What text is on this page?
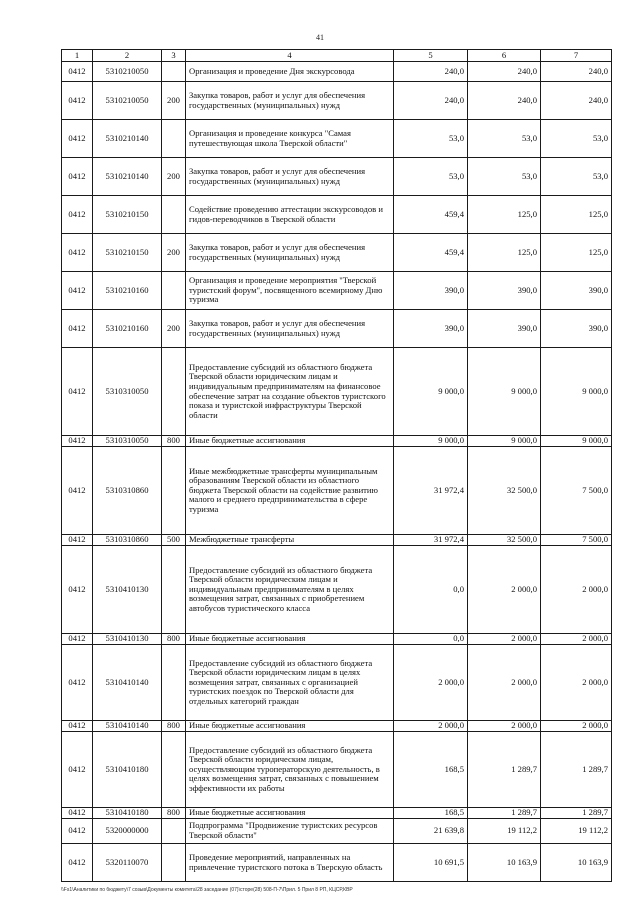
41
1	2	3	4	5	6	7
0412	5310210050		Организация и проведение Дня экскурсовода	240,0	240,0	240,0
0412	5310210050	200	Закупка товаров, работ и услуг для обеспечения государственных (муниципальных) нужд	240,0	240,0	240,0
0412	5310210140		Организация и проведение конкурса "Самая путешествующая школа Тверской области"	53,0	53,0	53,0
0412	5310210140	200	Закупка товаров, работ и услуг для обеспечения государственных (муниципальных) нужд	53,0	53,0	53,0
0412	5310210150		Содействие проведению аттестации экскурсоводов и гидов-переводчиков в Тверской области	459,4	125,0	125,0
0412	5310210150	200	Закупка товаров, работ и услуг для обеспечения государственных (муниципальных) нужд	459,4	125,0	125,0
0412	5310210160		Организация и проведение мероприятия "Тверской туристский форум", посвященного всемирному Дню туризма	390,0	390,0	390,0
0412	5310210160	200	Закупка товаров, работ и услуг для обеспечения государственных (муниципальных) нужд	390,0	390,0	390,0
0412	5310310050		Предоставление субсидий из областного бюджета Тверской области юридическим лицам и индивидуальным предпринимателям на финансовое обеспечение затрат на создание объектов туристского показа и туристской инфраструктуры Тверской области	9 000,0	9 000,0	9 000,0
0412	5310310050	800	Иные бюджетные ассигнования	9 000,0	9 000,0	9 000,0
0412	5310310860		Иные межбюджетные трансферты муниципальным образованиям Тверской области из областного бюджета Тверской области на содействие развитию малого и среднего предпринимательства в сфере туризма	31 972,4	32 500,0	7 500,0
0412	5310310860	500	Межбюджетные трансферты	31 972,4	32 500,0	7 500,0
0412	5310410130		Предоставление субсидий из областного бюджета Тверской области юридическим лицам и индивидуальным предпринимателям в целях возмещения затрат, связанных с приобретением автобусов туристического класса	0,0	2 000,0	2 000,0
0412	5310410130	800	Иные бюджетные ассигнования	0,0	2 000,0	2 000,0
0412	5310410140		Предоставление субсидий из областного бюджета Тверской области юридическим лицам в целях возмещения затрат, связанных с организацией туристских поездок по Тверской области для отдельных категорий граждан	2 000,0	2 000,0	2 000,0
0412	5310410140	800	Иные бюджетные ассигнования	2 000,0	2 000,0	2 000,0
0412	5310410180		Предоставление субсидий из областного бюджета Тверской области юридическим лицам, осуществляющим туроператорскую деятельность, в целях возмещения затрат, связанных с повышением эффективности их работы	168,5	1 289,7	1 289,7
0412	5310410180	800	Иные бюджетные ассигнования	168,5	1 289,7	1 289,7
0412	5320000000		Подпрограмма "Продвижение туристских ресурсов Тверской области"	21 639,8	19 112,2	19 112,2
0412	5320110070		Проведение мероприятий, направленных на привлечение туристского потока в Тверскую область	10 691,5	10 163,9	10 163,9
\\Fs1\Аналитики по бюджету\7 созыв\Документы комитета\28 заседание (07)\сторе(28) 508-П-7\Прил. 5 Прил 8 РП, КЦСР,КВР
